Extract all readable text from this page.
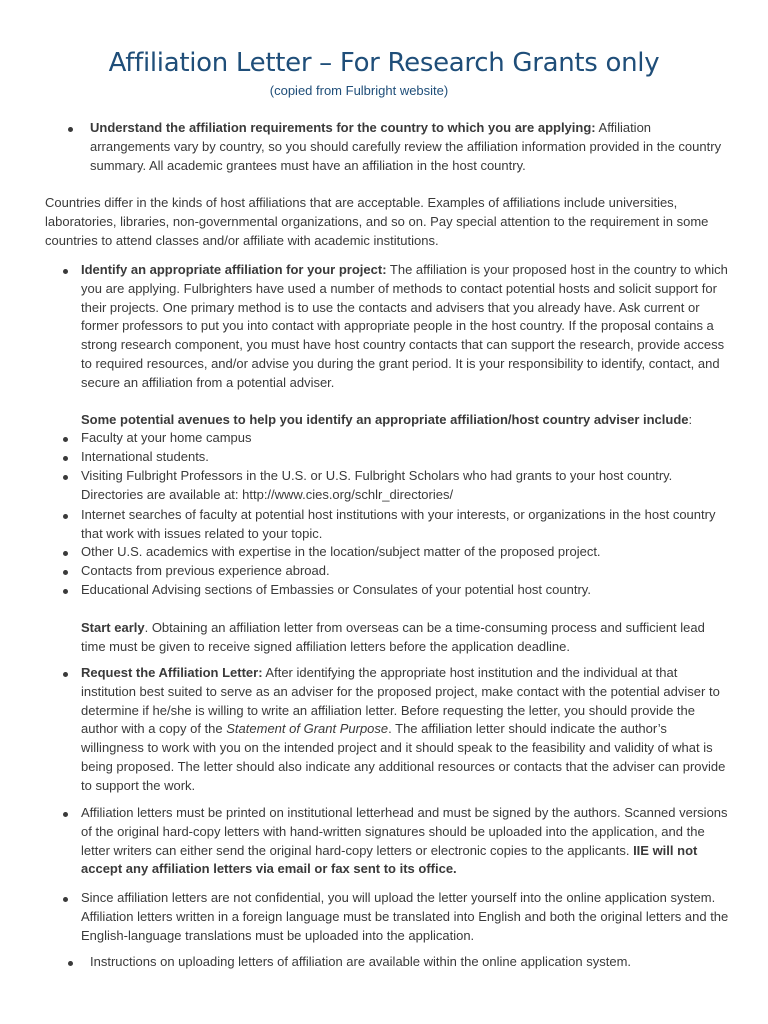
Affiliation Letter – For Research Grants only
(copied from Fulbright website)
Understand the affiliation requirements for the country to which you are applying: Affiliation arrangements vary by country, so you should carefully review the affiliation information provided in the country summary. All academic grantees must have an affiliation in the host country.
Countries differ in the kinds of host affiliations that are acceptable. Examples of affiliations include universities, laboratories, libraries, non-governmental organizations, and so on. Pay special attention to the requirement in some countries to attend classes and/or affiliate with academic institutions.
Identify an appropriate affiliation for your project: The affiliation is your proposed host in the country to which you are applying. Fulbrighters have used a number of methods to contact potential hosts and solicit support for their projects. One primary method is to use the contacts and advisers that you already have. Ask current or former professors to put you into contact with appropriate people in the host country. If the proposal contains a strong research component, you must have host country contacts that can support the research, provide access to required resources, and/or advise you during the grant period. It is your responsibility to identify, contact, and secure an affiliation from a potential adviser.
Some potential avenues to help you identify an appropriate affiliation/host country adviser include:
Faculty at your home campus
International students.
Visiting Fulbright Professors in the U.S. or U.S. Fulbright Scholars who had grants to your host country. Directories are available at: http://www.cies.org/schlr_directories/
Internet searches of faculty at potential host institutions with your interests, or organizations in the host country that work with issues related to your topic.
Other U.S. academics with expertise in the location/subject matter of the proposed project.
Contacts from previous experience abroad.
Educational Advising sections of Embassies or Consulates of your potential host country.
Start early. Obtaining an affiliation letter from overseas can be a time-consuming process and sufficient lead time must be given to receive signed affiliation letters before the application deadline.
Request the Affiliation Letter: After identifying the appropriate host institution and the individual at that institution best suited to serve as an adviser for the proposed project, make contact with the potential adviser to determine if he/she is willing to write an affiliation letter. Before requesting the letter, you should provide the author with a copy of the Statement of Grant Purpose. The affiliation letter should indicate the author’s willingness to work with you on the intended project and it should speak to the feasibility and validity of what is being proposed. The letter should also indicate any additional resources or contacts that the adviser can provide to support the work.
Affiliation letters must be printed on institutional letterhead and must be signed by the authors. Scanned versions of the original hard-copy letters with hand-written signatures should be uploaded into the application, and the letter writers can either send the original hard-copy letters or electronic copies to the applicants. IIE will not accept any affiliation letters via email or fax sent to its office.
Since affiliation letters are not confidential, you will upload the letter yourself into the online application system. Affiliation letters written in a foreign language must be translated into English and both the original letters and the English-language translations must be uploaded into the application.
Instructions on uploading letters of affiliation are available within the online application system.
